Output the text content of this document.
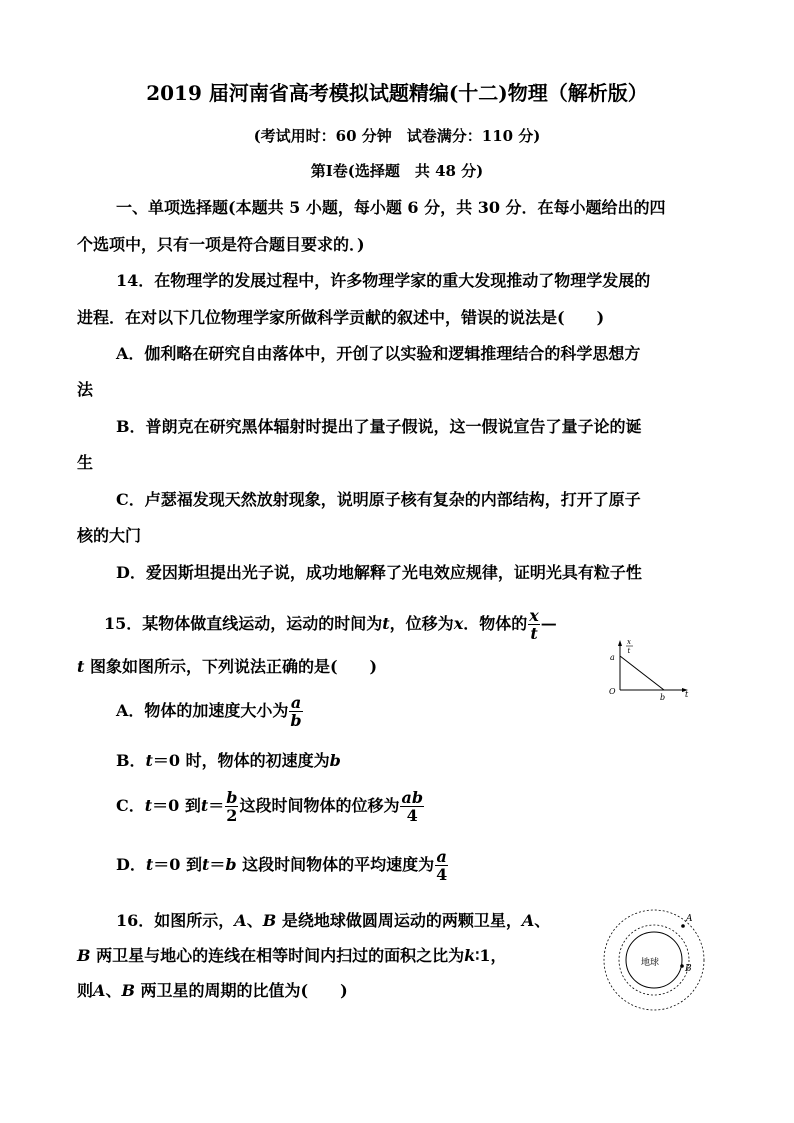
2019 届河南省高考模拟试题精编(十二)物理（解析版）
(考试用时：60 分钟　试卷满分：110 分)
第Ⅰ卷(选择题　共 48 分)
一、单项选择题(本题共 5 小题，每小题 6 分，共 30 分．在每小题给出的四
个选项中，只有一项是符合题目要求的．)
14．在物理学的发展过程中，许多物理学家的重大发现推动了物理学发展的
进程．在对以下几位物理学家所做科学贡献的叙述中，错误的说法是(　　)
A．伽利略在研究自由落体中，开创了以实验和逻辑推理结合的科学思想方
法
B．普朗克在研究黑体辐射时提出了量子假说，这一假说宣告了量子论的诞
生
C．卢瑟福发现天然放射现象，说明原子核有复杂的内部结构，打开了原子
核的大门
D．爱因斯坦提出光子说，成功地解释了光电效应规律，证明光具有粒子性
15．某物体做直线运动，运动的时间为t，位移为x．物体的 $\frac{x}{t}$ —
t 图象如图所示，下列说法正确的是(　　)
x
t
a
O
b t
A．物体的加速度大小为 $\frac{a}{b}$
B．t＝0 时，物体的初速度为b
C．t＝0 到$t= \frac{b}{2}$ 这段时间物体的位移为 $\frac{ab}{4}$
D．t＝0 到t＝b 这段时间物体的平均速度为 $\frac{a}{4}$
16．如图所示，A、B 是绕地球做圆周运动的两颗卫星，A、
B 两卫星与地心的连线在相等时间内扫过的面积之比为k∶1，
则A、B 两卫星的周期的比值为(　　)
地球
A
B
